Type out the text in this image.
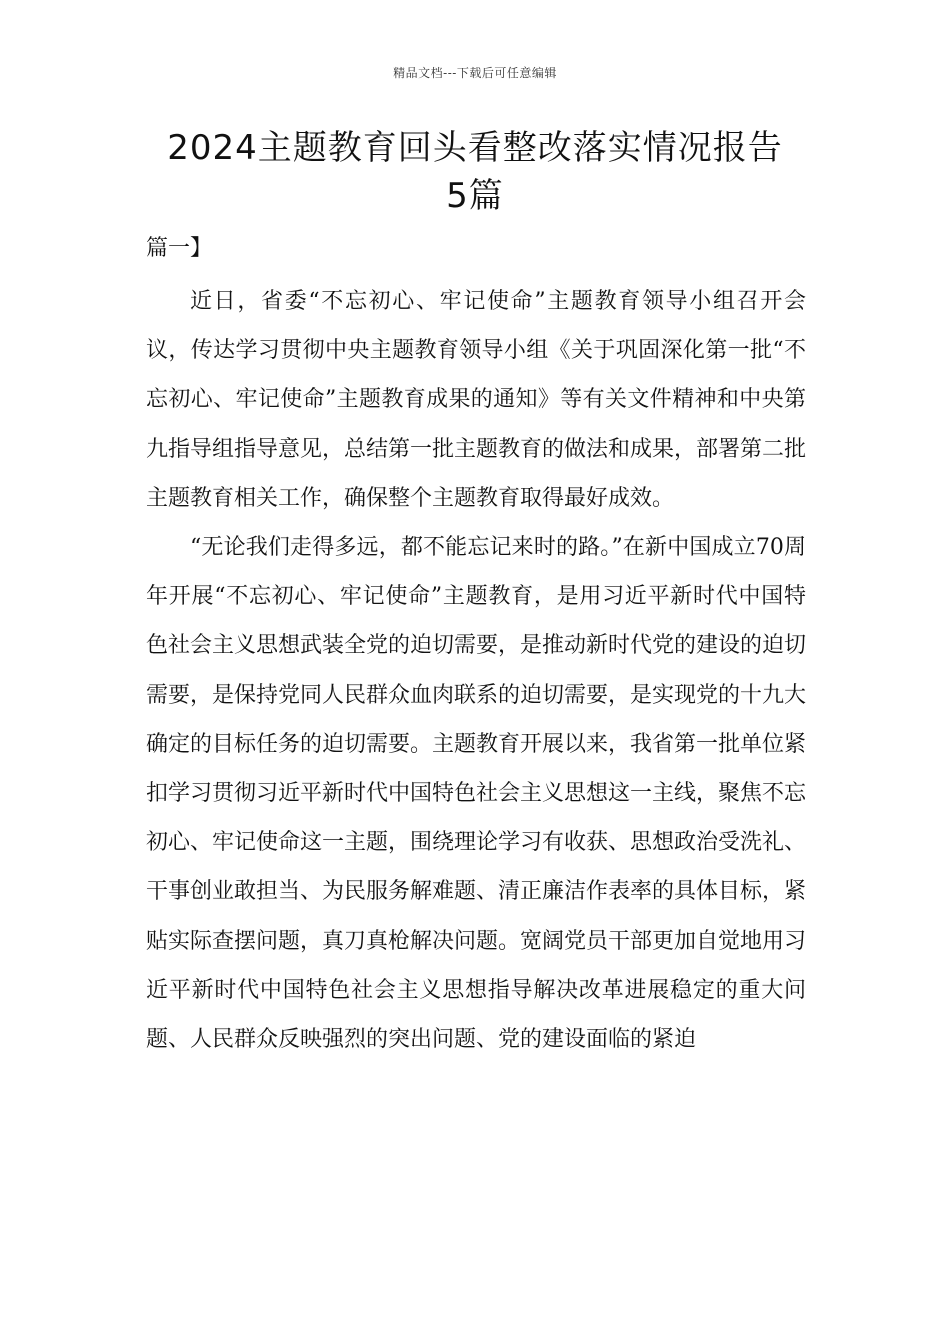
精品文档---下载后可任意编辑
2024主题教育回头看整改落实情况报告
5篇
篇一】

近日，省委“不忘初心、牢记使命”主题教育领导小组召开会议，传达学习贯彻中央主题教育领导小组《关于巩固深化第一批“不忘初心、牢记使命”主题教育成果的通知》等有关文件精神和中央第九指导组指导意见，总结第一批主题教育的做法和成果，部署第二批主题教育相关工作，确保整个主题教育取得最好成效。

“无论我们走得多远，都不能忘记来时的路。”在新中国成立70周年开展“不忘初心、牢记使命”主题教育，是用习近平新时代中国特色社会主义思想武装全党的迫切需要，是推动新时代党的建设的迫切需要，是保持党同人民群众血肉联系的迫切需要，是实现党的十九大确定的目标任务的迫切需要。主题教育开展以来，我省第一批单位紧扣学习贯彻习近平新时代中国特色社会主义思想这一主线，聚焦不忘初心、牢记使命这一主题，围绕理论学习有收获、思想政治受洗礼、干事创业敢担当、为民服务解难题、清正廉洁作表率的具体目标，紧贴实际查摆问题，真刀真枪解决问题。宽阔党员干部更加自觉地用习近平新时代中国特色社会主义思想指导解决改革进展稳定的重大问题、人民群众反映强烈的突出问题、党的建设面临的紧迫
